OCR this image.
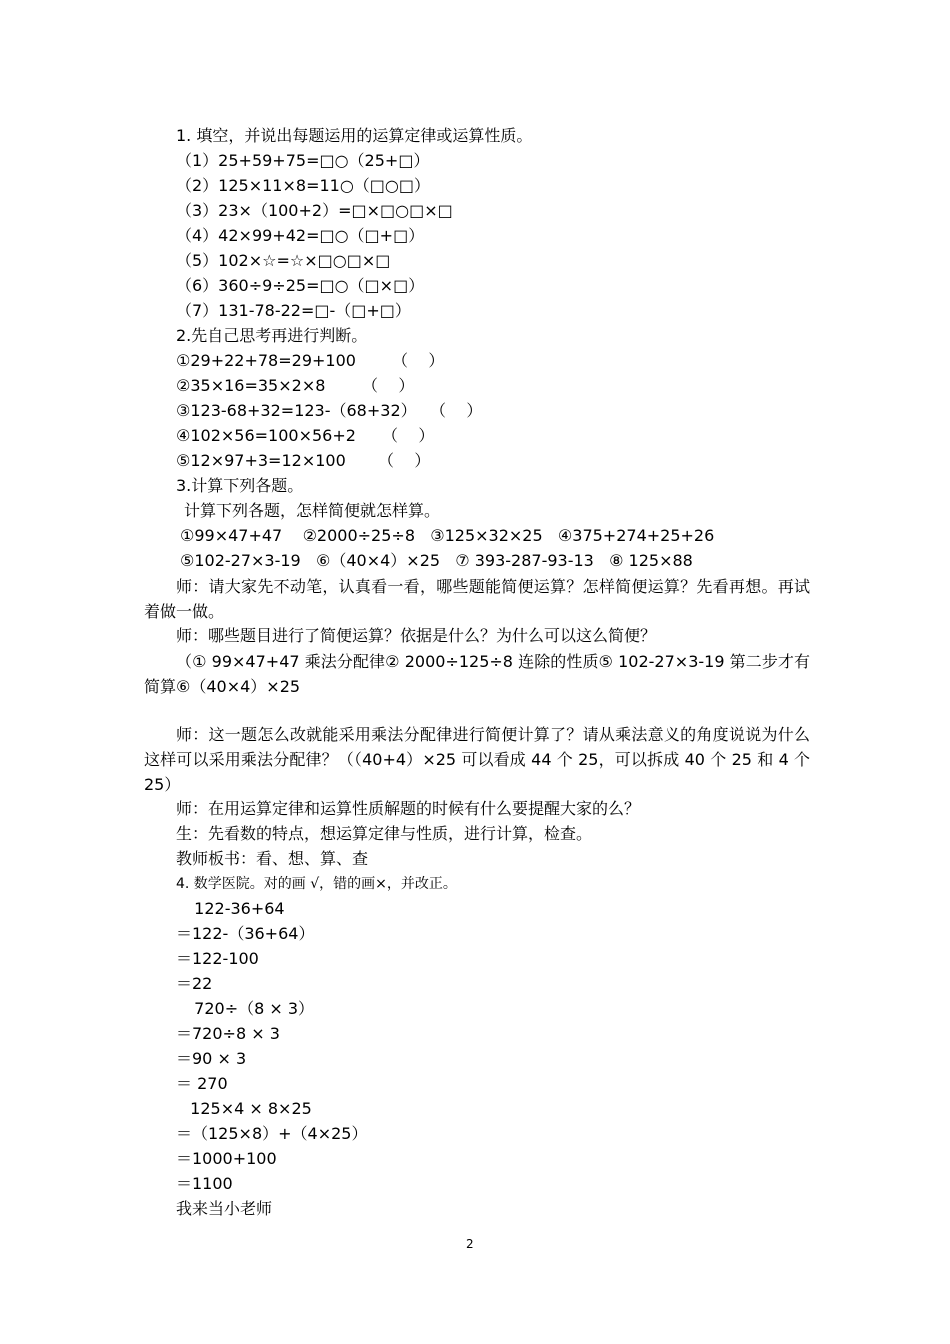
1. 填空，并说出每题运用的运算定律或运算性质。
（1）25+59+75=□○（25+□）
（2）125×11×8=11○（□○□）
（3）23×（100+2）=□×□○□×□
（4）42×99+42=□○（□+□）
（5）102×☆=☆×□○□×□
（6）360÷9÷25=□○（□×□）
（7）131-78-22=□-（□+□）
2.先自己思考再进行判断。
①29+22+78=29+100 （    ）
②35×16=35×2×8 （    ）
③123-68+32=123-（68+32） （    ）
④102×56=100×56+2 （    ）
⑤12×97+3=12×100 （    ）
3.计算下列各题。
计算下列各题，怎样简便就怎样算。
①99×47+47    ②2000÷25÷8   ③125×32×25   ④375+274+25+26
⑤102-27×3-19   ⑥（40×4）×25   ⑦ 393-287-93-13   ⑧ 125×88
师：请大家先不动笔，认真看一看，哪些题能简便运算？怎样简便运算？先看再想。再试着做一做。
师：哪些题目进行了简便运算？依据是什么？为什么可以这么简便？
（① 99×47+47 乘法分配律② 2000÷125÷8 连除的性质⑤ 102-27×3-19 第二步才有简算⑥（40×4）×25
师：这一题怎么改就能采用乘法分配律进行简便计算了？请从乘法意义的角度说说为什么这样可以采用乘法分配律？（（40+4）×25 可以看成 44 个 25，可以拆成 40 个 25 和 4 个 25）
师：在用运算定律和运算性质解题的时候有什么要提醒大家的么？
生：先看数的特点，想运算定律与性质，进行计算，检查。
教师板书：看、想、算、查
4. 数学医院。对的画 √，错的画×，并改正。
122-36+64
＝122-（36+64）
＝122-100
＝22
720÷（8 × 3）
＝720÷8 × 3
＝90 × 3
＝ 270
125×4 × 8×25
＝（125×8）+（4×25）
＝1000+100
＝1100
我来当小老师
2
